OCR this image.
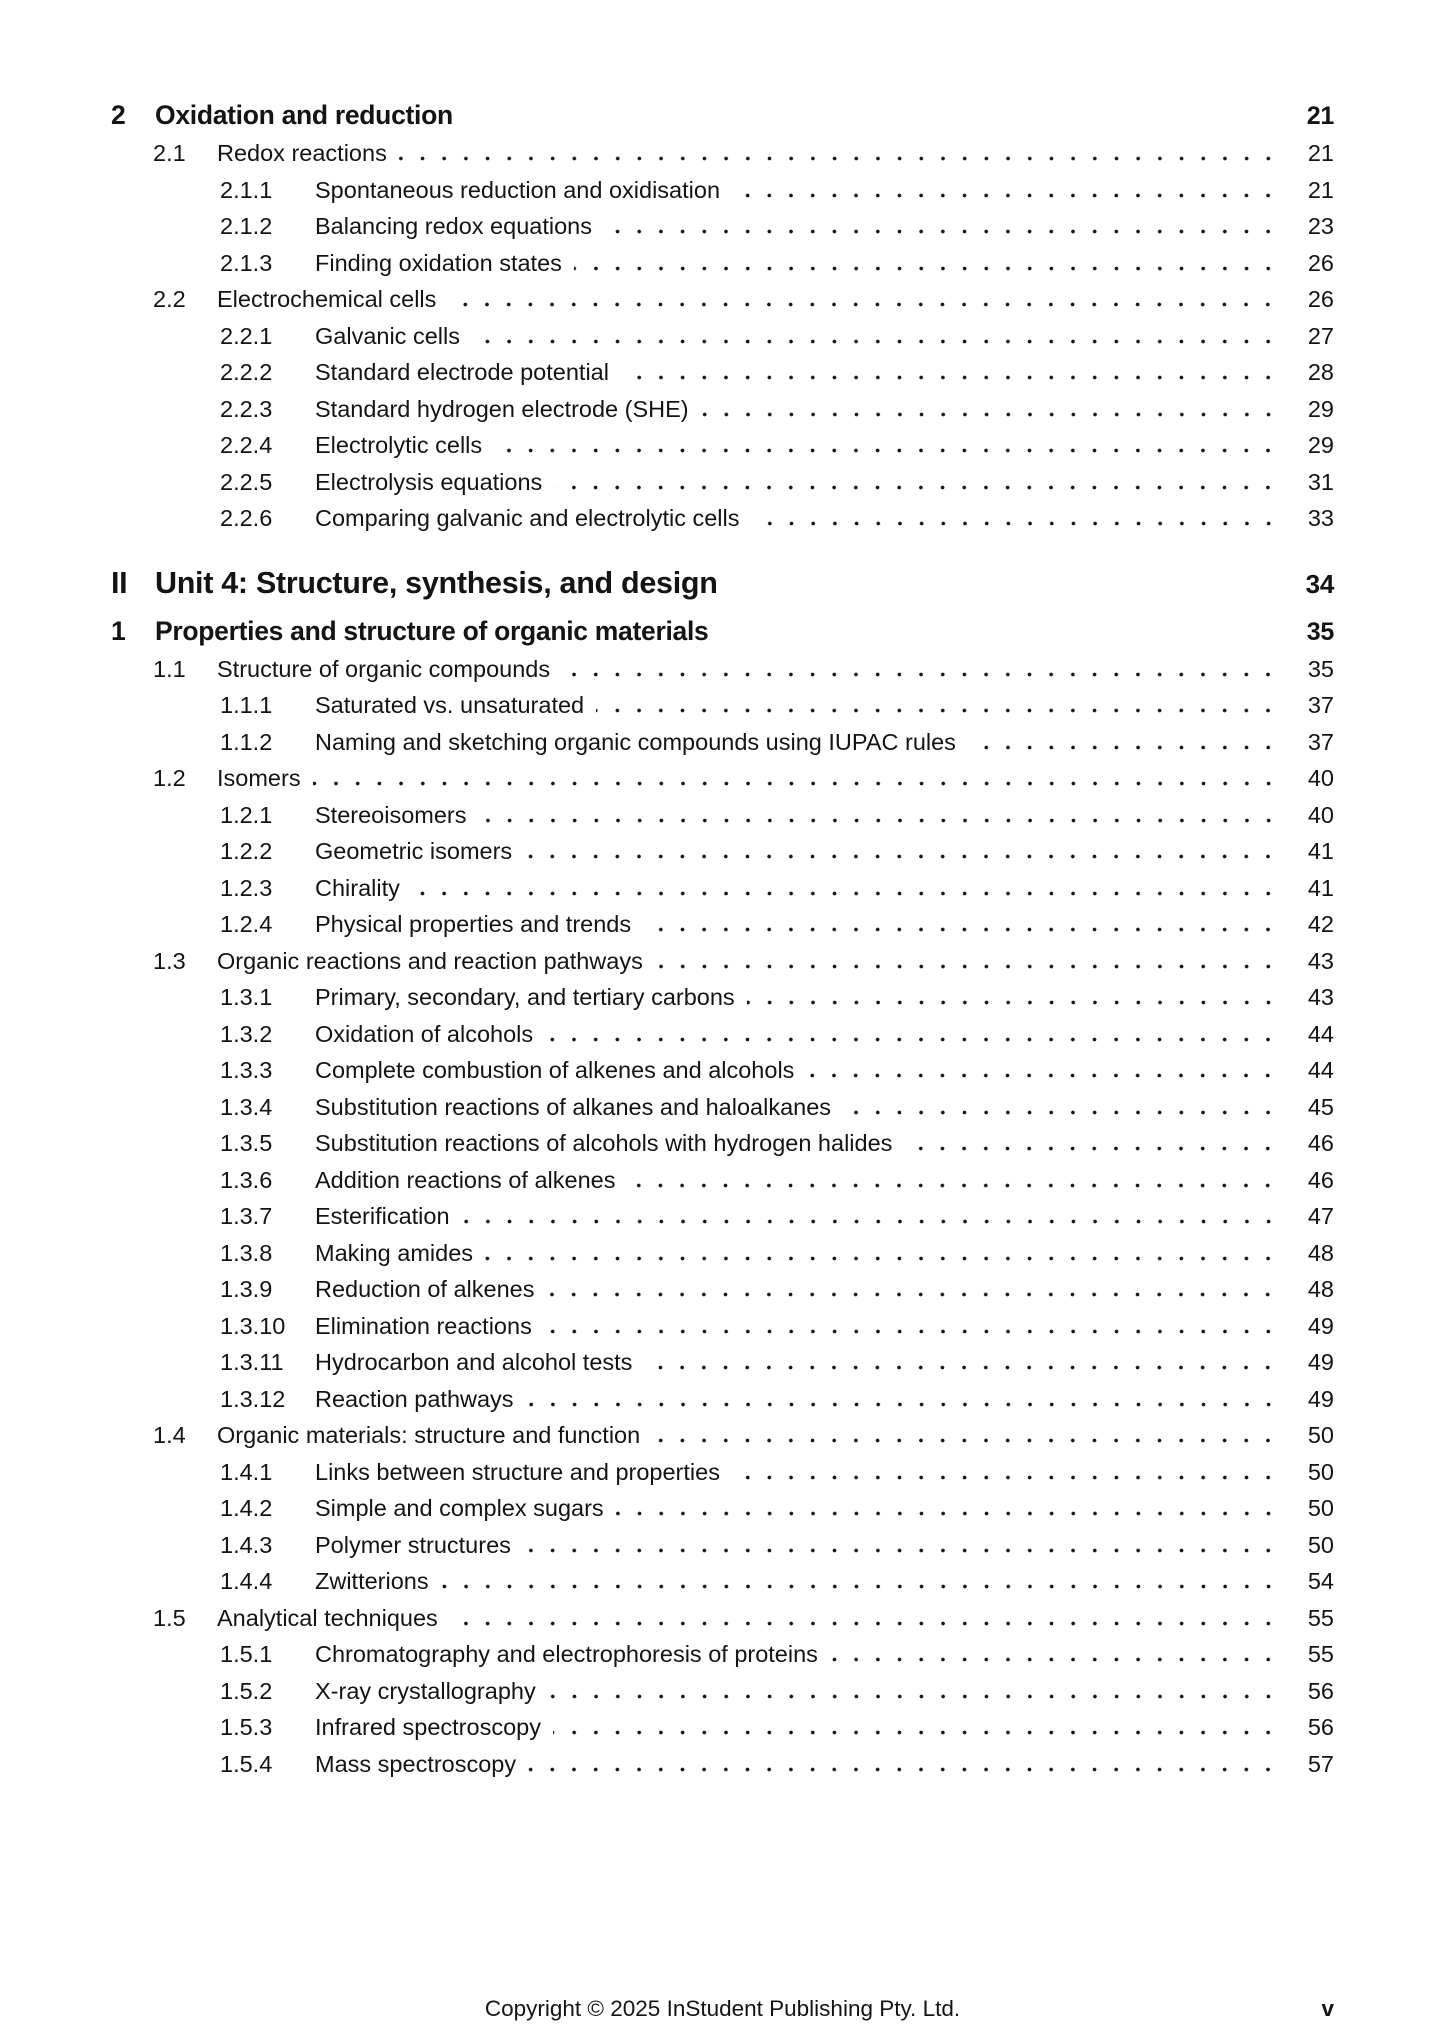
2	Oxidation and reduction	21
2.1	Redox reactions	21
2.1.1	Spontaneous reduction and oxidisation	21
2.1.2	Balancing redox equations	23
2.1.3	Finding oxidation states	26
2.2	Electrochemical cells	26
2.2.1	Galvanic cells	27
2.2.2	Standard electrode potential	28
2.2.3	Standard hydrogen electrode (SHE)	29
2.2.4	Electrolytic cells	29
2.2.5	Electrolysis equations	31
2.2.6	Comparing galvanic and electrolytic cells	33
II Unit 4: Structure, synthesis, and design	34
1	Properties and structure of organic materials	35
1.1	Structure of organic compounds	35
1.1.1	Saturated vs. unsaturated	37
1.1.2	Naming and sketching organic compounds using IUPAC rules	37
1.2	Isomers	40
1.2.1	Stereoisomers	40
1.2.2	Geometric isomers	41
1.2.3	Chirality	41
1.2.4	Physical properties and trends	42
1.3	Organic reactions and reaction pathways	43
1.3.1	Primary, secondary, and tertiary carbons	43
1.3.2	Oxidation of alcohols	44
1.3.3	Complete combustion of alkenes and alcohols	44
1.3.4	Substitution reactions of alkanes and haloalkanes	45
1.3.5	Substitution reactions of alcohols with hydrogen halides	46
1.3.6	Addition reactions of alkenes	46
1.3.7	Esterification	47
1.3.8	Making amides	48
1.3.9	Reduction of alkenes	48
1.3.10	Elimination reactions	49
1.3.11	Hydrocarbon and alcohol tests	49
1.3.12	Reaction pathways	49
1.4	Organic materials: structure and function	50
1.4.1	Links between structure and properties	50
1.4.2	Simple and complex sugars	50
1.4.3	Polymer structures	50
1.4.4	Zwitterions	54
1.5	Analytical techniques	55
1.5.1	Chromatography and electrophoresis of proteins	55
1.5.2	X-ray crystallography	56
1.5.3	Infrared spectroscopy	56
1.5.4	Mass spectroscopy	57
Copyright © 2025 InStudent Publishing Pty. Ltd.	v
